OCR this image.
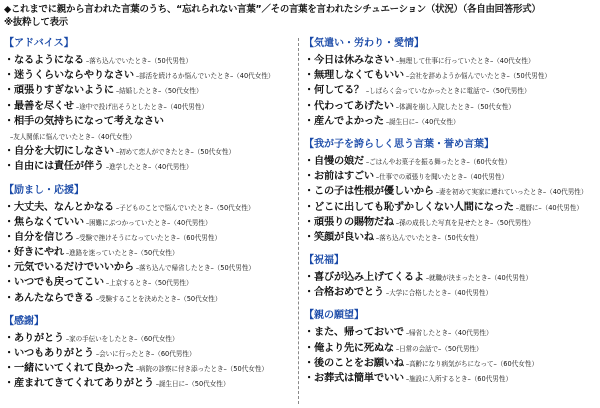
◆これまでに親から言われた言葉のうち、“忘れられない言葉”／その言葉を言われたシチュエーション（状況）（各自由回答形式）
※抜粋して表示
【アドバイス】
・なるようになる –落ち込んでいたとき–（50代男性）
・迷うくらいならやりなさい –部活を続けるか悩んでいたとき–（40代女性）
・頑張りすぎないように –結婚したとき–（50代女性）
・最善を尽くせ –途中で投げ出そうとしたとき–（40代男性）
・相手の気持ちになって考えなさい
–友人関係に悩んでいたとき–（40代女性）
・自分を大切にしなさい –初めて恋人ができたとき–（50代女性）
・自由には責任が伴う –進学したとき–（40代男性）
【励まし・応援】
・大丈夫、なんとかなる –子どものことで悩んでいたとき–（50代女性）
・焦らなくていい –困難にぶつかっていたとき–（40代男性）
・自分を信じろ –受験で挫けそうになっていたとき–（60代男性）
・好きにやれ –進路を迷っていたとき–（50代女性）
・元気でいるだけでいいから –落ち込んで帰省したとき–（50代男性）
・いつでも戻ってこい –上京するとき–（50代男性）
・あんたならできる –受験することを決めたとき–（50代女性）
【感謝】
・ありがとう –家の手伝いをしたとき–（60代女性）
・いつもありがとう –会いに行ったとき–（60代男性）
・一緒にいてくれて良かった –病院の診察に付き添ったとき–（50代女性）
・産まれてきてくれてありがとう –誕生日に–（50代女性）
【気遣い・労わり・愛情】
・今日は休みなさい –無理して仕事に行っていたとき–（40代女性）
・無理しなくてもいい –会社を辞めようか悩んでいたとき–（50代男性）
・何してる？ –しばらく会っていなかったときに電話で–（50代男性）
・代わってあげたい –体調を崩し入院したとき–（50代女性）
・産んでよかった –誕生日に–（40代女性）
【我が子を誇らしく思う言葉・誉め言葉】
・自慢の娘だ –ごはんやお菓子を振る舞ったとき–（60代女性）
・お前はすごい –仕事での頑張りを聞いたとき–（40代男性）
・この子は性根が優しいから –妻を初めて実家に連れていったとき–（40代男性）
・どこに出しても恥ずかしくない人間になった –還暦に–（40代男性）
・頑張りの賜物だね –孫の成長した写真を見せたとき–（50代男性）
・笑顔が良いね –落ち込んでいたとき–（50代女性）
【祝福】
・喜びが込み上げてくるよ –就職が決まったとき–（40代男性）
・合格おめでとう –大学に合格したとき–（40代男性）
【親の願望】
・また、帰っておいで –帰省したとき–（40代男性）
・俺より先に死ぬな –日常の会話で–（50代男性）
・後のことをお願いね –高齢になり病気がちになって–（60代女性）
・お葬式は簡単でいい –施設に入所するとき–（60代男性）
